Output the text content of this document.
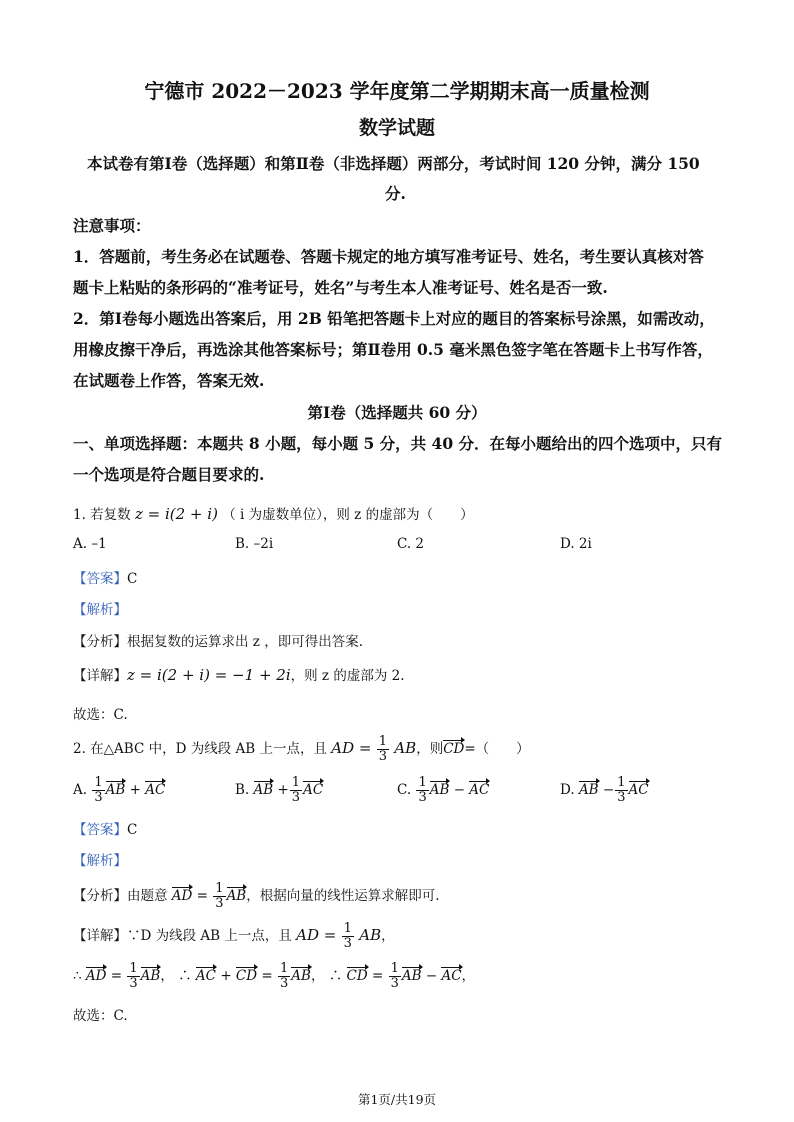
宁德市 2022－2023 学年度第二学期期末高一质量检测
数学试题
本试卷有第Ⅰ卷（选择题）和第Ⅱ卷（非选择题）两部分，考试时间 120 分钟，满分 150
分.
注意事项：
1．答题前，考生务必在试题卷、答题卡规定的地方填写准考证号、姓名，考生要认真核对答
题卡上粘贴的条形码的“准考证号，姓名”与考生本人准考证号、姓名是否一致.
2．第Ⅰ卷每小题选出答案后，用 2B 铅笔把答题卡上对应的题目的答案标号涂黑，如需改动，
用橡皮擦干净后，再选涂其他答案标号；第Ⅱ卷用 0.5 毫米黑色签字笔在答题卡上书写作答，
在试题卷上作答，答案无效.
第Ⅰ卷（选择题共 60 分）
一、单项选择题：本题共 8 小题，每小题 5 分，共 40 分．在每小题给出的四个选项中，只有
一个选项是符合题目要求的.
1. 若复数 z = i(2 + i) （ i 为虚数单位），则 z 的虚部为（　　）
A. –1	B. –2i	C. 2	D. 2i
【答案】C
【解析】
【分析】根据复数的运算求出 z ，即可得出答案.
【详解】z = i(2 + i) = −1 + 2i，则 z 的虚部为 2.
故选：C.
2. 在△ABC 中，D 为线段 AB 上一点，且 AD = $\frac{1}{3}$ AB，则CD=（　　）
A. $\frac{1}{3}$ AB + AC	B. AB + $\frac{1}{3}$ AC	C. $\frac{1}{3}$ AB − AC	D. AB − $\frac{1}{3}$ AC
【答案】C
【解析】
【分析】由题意 AD = $\frac{1}{3}$ AB，根据向量的线性运算求解即可.
【详解】∵D 为线段 AB 上一点，且 AD = $\frac{1}{3}$ AB，
∴ AD = $\frac{1}{3}$ AB， ∴ AC + CD = $\frac{1}{3}$ AB， ∴ CD = $\frac{1}{3}$ AB − AC，
故选：C.
第1页/共19页
